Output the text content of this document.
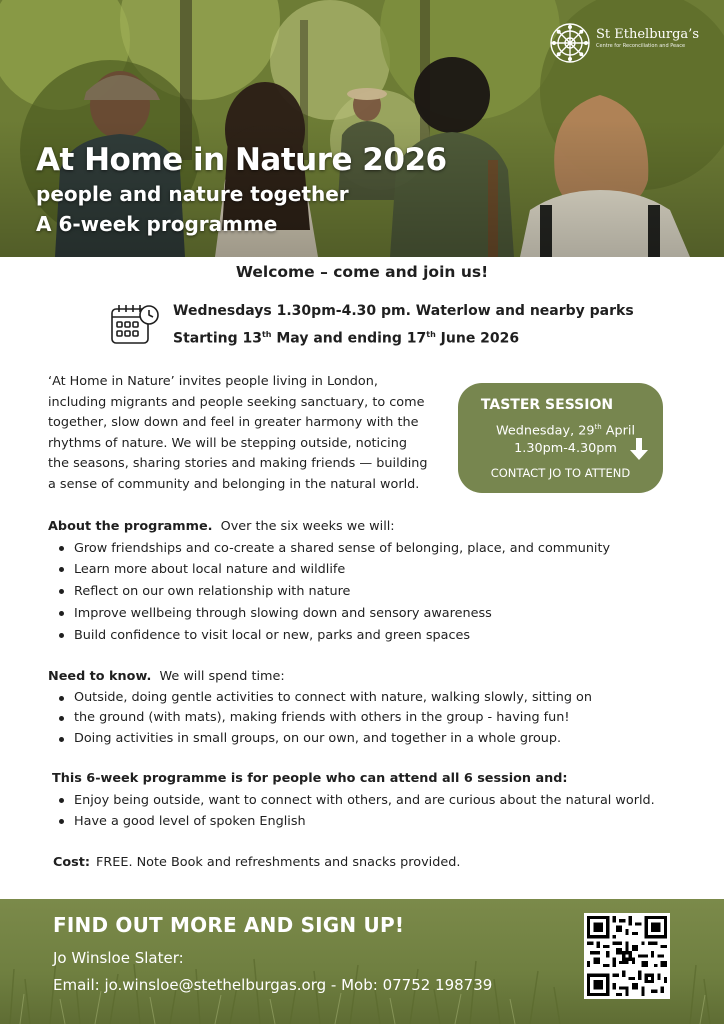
St Ethelburga’s
Centre for Reconciliation and Peace
At Home in Nature 2026
people and nature together
A 6-week programme
Welcome – come and join us!
Wednesdays 1.30pm-4.30 pm. Waterlow and nearby parks
Starting 13th May and ending 17th June 2026
‘At Home in Nature’ invites people living in London,
including migrants and people seeking sanctuary, to come
together, slow down and feel in greater harmony with the
rhythms of nature. We will be stepping outside, noticing
the seasons, sharing stories and making friends — building
a sense of community and belonging in the natural world.
TASTER SESSION
Wednesday, 29th April
1.30pm-4.30pm
CONTACT JO TO ATTEND
About the programme. Over the six weeks we will:
Grow friendships and co-create a shared sense of belonging, place, and community
Learn more about local nature and wildlife
Reflect on our own relationship with nature
Improve wellbeing through slowing down and sensory awareness
Build confidence to visit local or new, parks and green spaces
Need to know. We will spend time:
Outside, doing gentle activities to connect with nature, walking slowly, sitting on
the ground (with mats), making friends with others in the group - having fun!
Doing activities in small groups, on our own, and together in a whole group.
This 6-week programme is for people who can attend all 6 session and:
Enjoy being outside, want to connect with others, and are curious about the natural world.
Have a good level of spoken English
Cost: FREE. Note Book and refreshments and snacks provided.
FIND OUT MORE AND SIGN UP!
Jo Winsloe Slater:
Email: jo.winsloe@stethelburgas.org - Mob: 07752 198739
